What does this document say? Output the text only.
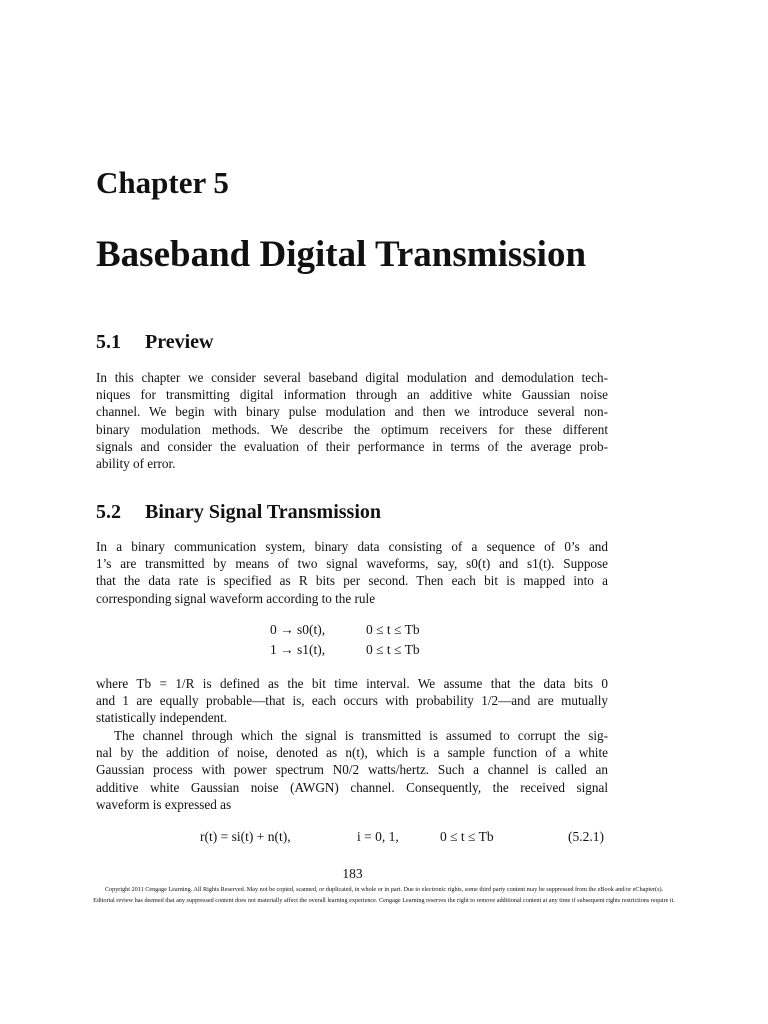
Chapter 5
Baseband Digital Transmission
5.1 Preview
In this chapter we consider several baseband digital modulation and demodulation tech-
niques for transmitting digital information through an additive white Gaussian noise
channel. We begin with binary pulse modulation and then we introduce several non-
binary modulation methods. We describe the optimum receivers for these different
signals and consider the evaluation of their performance in terms of the average prob-
ability of error.
5.2 Binary Signal Transmission
In a binary communication system, binary data consisting of a sequence of 0’s and
1’s are transmitted by means of two signal waveforms, say, s0(t) and s1(t). Suppose
that the data rate is specified as R bits per second. Then each bit is mapped into a
corresponding signal waveform according to the rule
0 → s0(t),	0 ≤ t ≤ Tb
1 → s1(t),	0 ≤ t ≤ Tb
where Tb = 1/R is defined as the bit time interval. We assume that the data bits 0
and 1 are equally probable—that is, each occurs with probability 1/2—and are mutually
statistically independent.
The channel through which the signal is transmitted is assumed to corrupt the sig-
nal by the addition of noise, denoted as n(t), which is a sample function of a white
Gaussian process with power spectrum N0/2 watts/hertz. Such a channel is called an
additive white Gaussian noise (AWGN) channel. Consequently, the received signal
waveform is expressed as
r(t) = si(t) + n(t),	i = 0, 1,	0 ≤ t ≤ Tb	(5.2.1)
183
Copyright 2011 Cengage Learning. All Rights Reserved. May not be copied, scanned, or duplicated, in whole or in part. Due to electronic rights, some third party content may be suppressed from the eBook and/or eChapter(s).
Editorial review has deemed that any suppressed content does not materially affect the overall learning experience. Cengage Learning reserves the right to remove additional content at any time if subsequent rights restrictions require it.
